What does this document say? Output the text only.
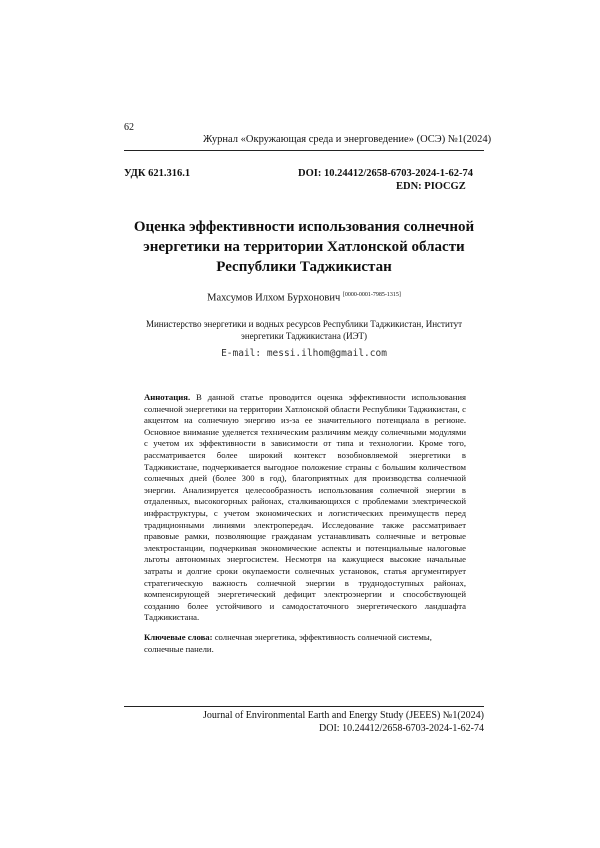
62
Журнал «Окружающая среда и энерговедение» (ОСЭ) №1(2024)
УДК 621.316.1	DOI: 10.24412/2658-6703-2024-1-62-74
EDN: PIOCGZ
Оценка эффективности использования солнечной энергетики на территории Хатлонской области Республики Таджикистан
Махсумов Илхом Бурхонович [0000-0001-7985-1315]
Министерство энергетики и водных ресурсов Республики Таджикистан, Институт энергетики Таджикистана (ИЭТ)
E-mail: messi.ilhom@gmail.com

Аннотация. В данной статье проводится оценка эффективности использования солнечной энергетики на территории Хатлонской области Республики Таджикистан, с акцентом на солнечную энергию из-за ее значительного потенциала в регионе. Основное внимание уделяется техническим различиям между солнечными модулями с учетом их эффективности в зависимости от типа и технологии. Кроме того, рассматривается более широкий контекст возобновляемой энергетики в Таджикистане, подчеркивается выгодное положение страны с большим количеством солнечных дней (более 300 в год), благоприятных для производства солнечной энергии. Анализируется целесообразность использования солнечной энергии в отдаленных, высокогорных районах, сталкивающихся с проблемами электрической инфраструктуры, с учетом экономических и логистических преимуществ перед традиционными линиями электропередач. Исследование также рассматривает правовые рамки, позволяющие гражданам устанавливать солнечные и ветровые электростанции, подчеркивая экономические аспекты и потенциальные налоговые льготы автономных энергосистем. Несмотря на кажущиеся высокие начальные затраты и долгие сроки окупаемости солнечных установок, статья аргументирует стратегическую важность солнечной энергии в труднодоступных районах, компенсирующей энергетический дефицит электроэнергии и способствующей созданию более устойчивого и самодостаточного энергетического ландшафта Таджикистана.

Ключевые слова: солнечная энергетика, эффективность солнечной системы, солнечные панели.
Journal of Environmental Earth and Energy Study (JEEES) №1(2024)
DOI: 10.24412/2658-6703-2024-1-62-74
